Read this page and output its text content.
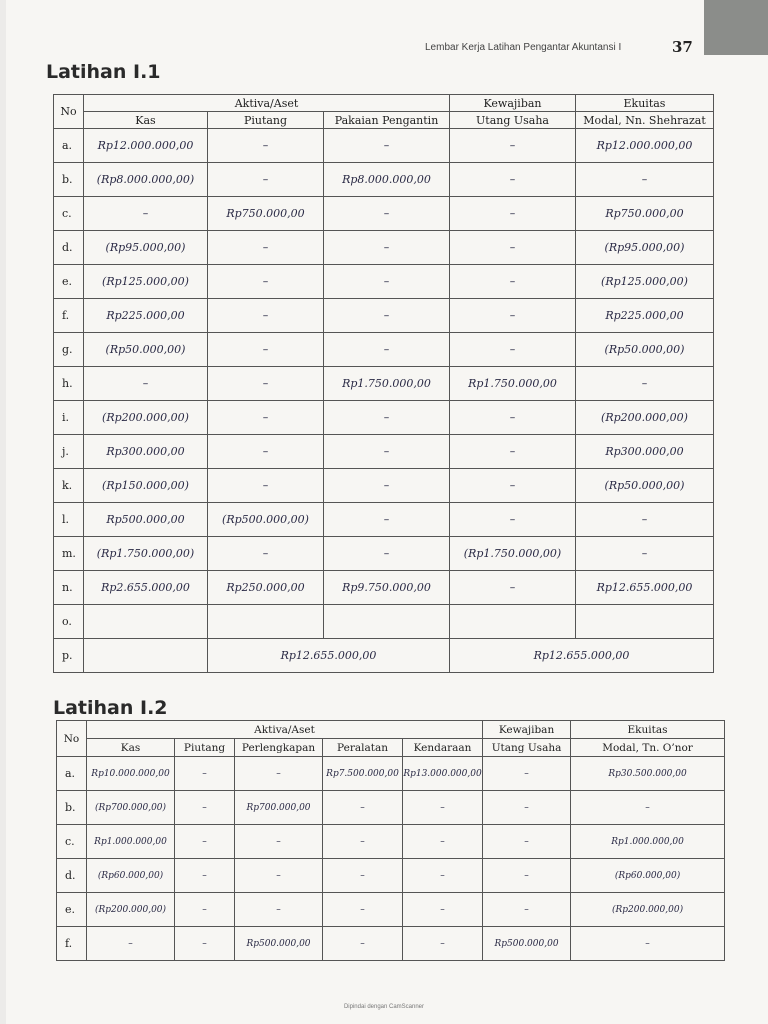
Lembar Kerja Latihan Pengantar Akuntansi I	37
Latihan I.1
No	Aktiva/Aset			Kewajiban	Ekuitas
	Kas	Piutang	Pakaian Pengantin	Utang Usaha	Modal, Nn. Shehrazat
a.	Rp12.000.000,00	–	–	–	Rp12.000.000,00
b.	(Rp8.000.000,00)	–	Rp8.000.000,00	–	–
c.	–	Rp750.000,00	–	–	Rp750.000,00
d.	(Rp95.000,00)	–	–	–	(Rp95.000,00)
e.	(Rp125.000,00)	–	–	–	(Rp125.000,00)
f.	Rp225.000,00	–	–	–	Rp225.000,00
g.	(Rp50.000,00)	–	–	–	(Rp50.000,00)
h.	–	–	Rp1.750.000,00	Rp1.750.000,00	–
i.	(Rp200.000,00)	–	–	–	(Rp200.000,00)
j.	Rp300.000,00	–	–	–	Rp300.000,00
k.	(Rp150.000,00)	–	–	–	(Rp50.000,00)
l.	Rp500.000,00	(Rp500.000,00)	–	–	–
m.	(Rp1.750.000,00)	–	–	(Rp1.750.000,00)	–
n.	Rp2.655.000,00	Rp250.000,00	Rp9.750.000,00	–	Rp12.655.000,00
o.					
p.		Rp12.655.000,00		Rp12.655.000,00	
Latihan I.2
No	Aktiva/Aset					Kewajiban	Ekuitas
	Kas	Piutang	Perlengkapan	Peralatan	Kendaraan	Utang Usaha	Modal, Tn. O’nor
a.	Rp10.000.000,00	–	–	Rp7.500.000,00	Rp13.000.000,00	–	Rp30.500.000,00
b.	(Rp700.000,00)	–	Rp700.000,00	–	–	–	–
c.	Rp1.000.000,00	–	–	–	–	–	Rp1.000.000,00
d.	(Rp60.000,00)	–	–	–	–	–	(Rp60.000,00)
e.	(Rp200.000,00)	–	–	–	–	–	(Rp200.000,00)
f.	–	–	Rp500.000,00	–	–	Rp500.000,00	–
Dipindai dengan CamScanner
